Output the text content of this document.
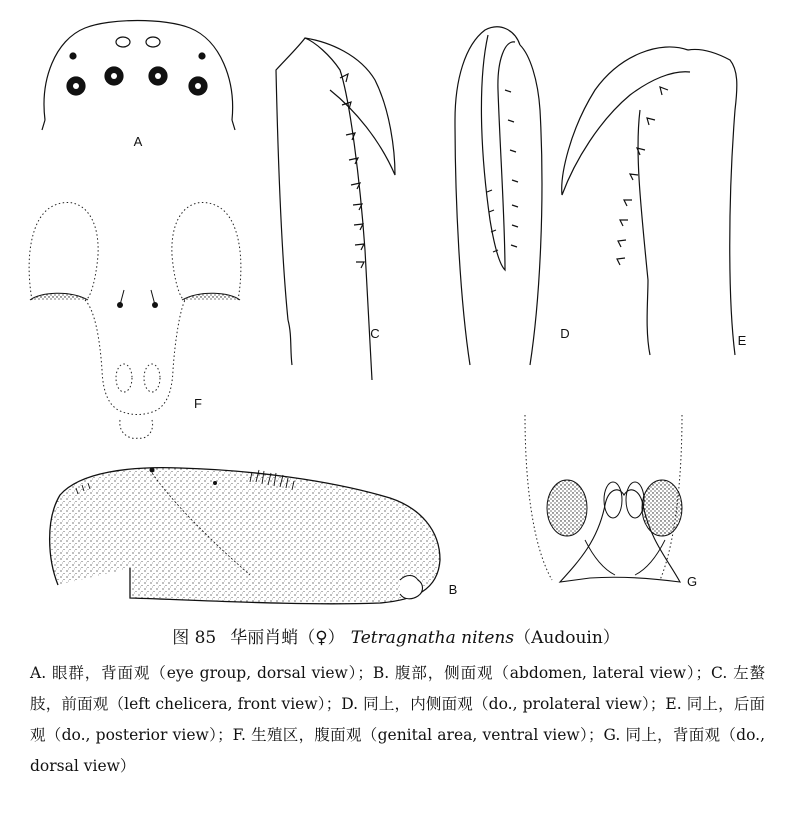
A
C	D	E
F
B
G
图 85 华丽肖蛸（♀） Tetragnatha nitens（Audouin）
A. 眼群，背面观（eye group, dorsal view）；B. 腹部，侧面观（abdomen, lateral view）；C. 左螯肢，前面观（left chelicera, front view）；D. 同上，内侧面观（do., prolateral view）；E. 同上，后面观（do., posterior view）；F. 生殖区，腹面观（genital area, ventral view）；G. 同上，背面观（do., dorsal view）
